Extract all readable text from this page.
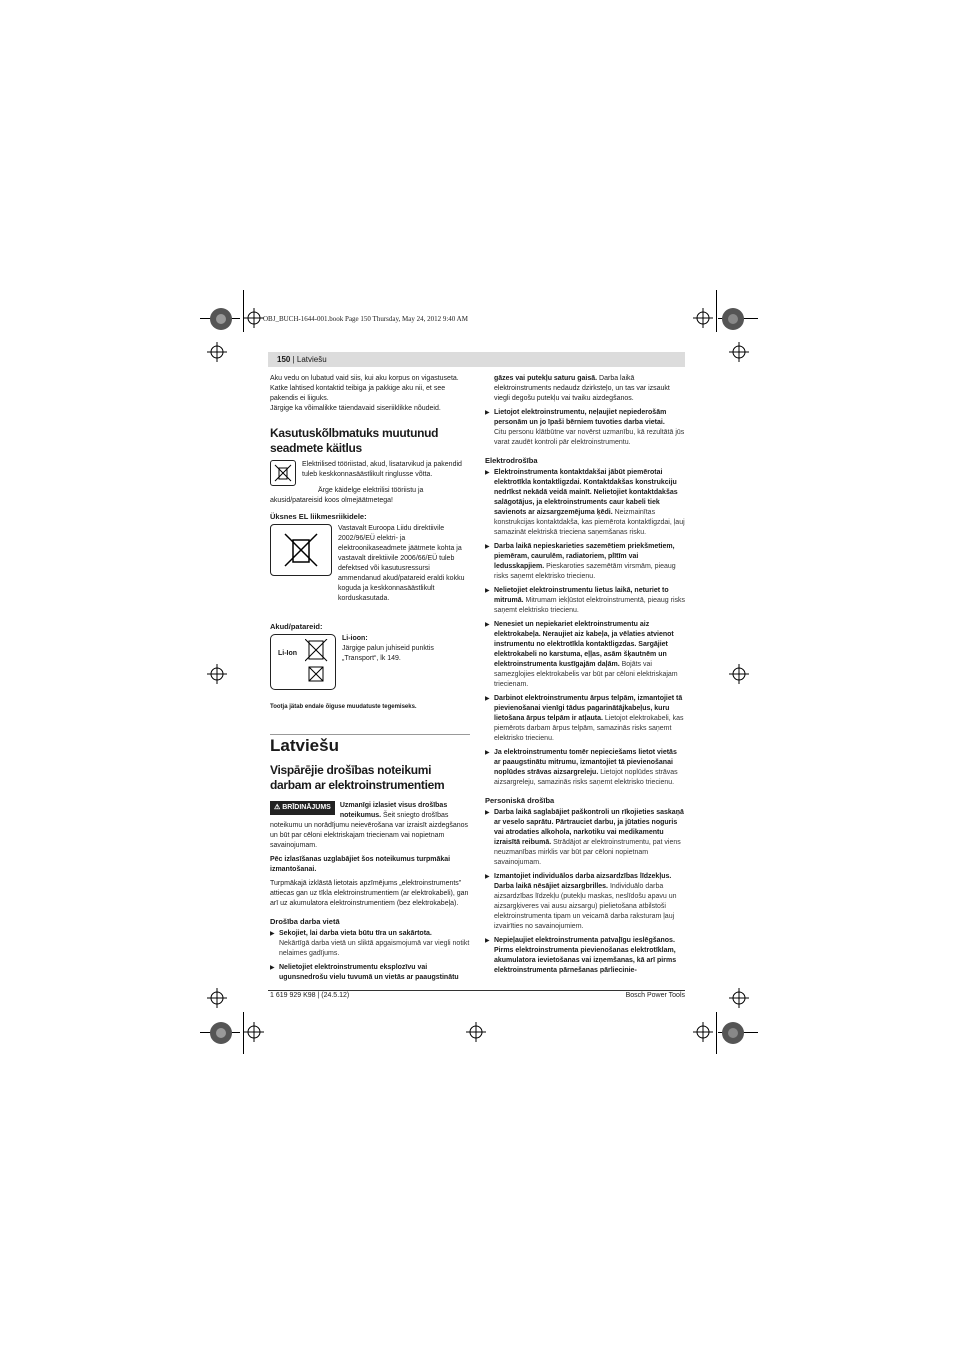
OBJ_BUCH-1644-001.book Page 150 Thursday, May 24, 2012 9:40 AM
150 | Latviešu

Aku vedu on lubatud vaid siis, kui aku korpus on vigastuseta. Katke lahtised kontaktid teibiga ja pakkige aku nii, et see pakendis ei liiguks.

Järgige ka võimalikke täiendavaid siseriiklikke nõudeid.

Kasutuskõlbmatuks muutunud seadmete käitlus

Elektrilised tööriistad, akud, lisatarvikud ja pakendid tuleb keskkonnasäästlikult ringlusse võtta.

Ärge käidelge elektrilisi tööriistu ja akusid/patareisid koos olmejäätmetega!

Üksnes EL liikmesriikidele:

Vastavalt Euroopa Liidu direktiivile 2002/96/EÜ elektri- ja elektroonikaseadmete jäätmete kohta ja vastavalt direktiivile 2006/66/EÜ tuleb defektsed või kasutusressursi ammendanud akud/patareid eraldi kokku koguda ja keskkonnasäästlikult korduskasutada.

Akud/patareid:
Li-Ion

Li-ioon:

Järgige palun juhiseid punktis „Transport“, lk 149.

Tootja jätab endale õiguse muudatuste tegemiseks.

Latviešu
Vispārējie drošības noteikumi darbam ar elektroinstrumentiem
⚠ BRĪDINĀJUMS	Uzmanīgi izlasiet visus drošības noteikumus. Šeit sniegto drošības noteikumu un norādījumu neievērošana var izraisīt aizdegšanos un būt par cēloni elektriskajam triecienam vai nopietnam savainojumam.

Pēc izlasīšanas uzglabājiet šos noteikumus turpmākai izmantošanai.

Turpmākajā izklāstā lietotais apzīmējums „elektroinstruments” attiecas gan uz tīkla elektroinstrumentiem (ar elektrokabeli), gan arī uz akumulatora elektroinstrumentiem (bez elektrokabeļa).

Drošība darba vietā
▶ Sekojiet, lai darba vieta būtu tīra un sakārtota.
Nekārtīgā darba vietā un sliktā apgaismojumā var viegli notikt nelaimes gadījums.
▶ Nelietojiet elektroinstrumentu eksplozīvu vai ugunsnedrošu vielu tuvumā un vietās ar paaugstinātu

gāzes vai putekļu saturu gaisā. Darba laikā elektroinstruments nedaudz dzirksteļo, un tas var izsaukt viegli degošu putekļu vai tvaiku aizdegšanos.

▶ Lietojot elektroinstrumentu, neļaujiet nepiederošām personām un jo īpaši bērniem tuvoties darba vietai.
Citu personu klātbūtne var novērst uzmanību, kā rezultātā jūs varat zaudēt kontroli pār elektroinstrumentu.
Elektrodrošība
▶ Elektroinstrumenta kontaktdakšai jābūt piemērotai elektrotīkla kontaktligzdai. Kontaktdakšas konstrukciju nedrīkst nekādā veidā mainīt. Nelietojiet kontaktdakšas salāgotājus, ja elektroinstruments caur kabeli tiek savienots ar aizsargzemējuma ķēdi. Neizmainītas konstrukcijas kontaktdakša, kas piemērota kontaktligzdai, ļauj samazināt elektriskā trieciena saņemšanas risku.
▶ Darba laikā nepieskarieties sazemētiem priekšmetiem, piemēram, caurulēm, radiatoriem, plītīm vai ledusskapjiem. Pieskaroties sazemētām virsmām, pieaug risks saņemt elektrisko triecienu.
▶ Nelietojiet elektroinstrumentu lietus laikā, neturiet to mitrumā. Mitrumam iekļūstot elektroinstrumentā, pieaug risks saņemt elektrisko triecienu.
▶ Nenesiet un nepiekariet elektroinstrumentu aiz elektrokabeļa. Neraujiet aiz kabeļa, ja vēlaties atvienot instrumentu no elektrotīkla kontaktligzdas. Sargājiet elektrokabeli no karstuma, eļļas, asām šķautnēm un elektroinstrumenta kustīgajām daļām. Bojāts vai samezglojies elektrokabelis var būt par cēloni elektriskajam triecienam.
▶ Darbinot elektroinstrumentu ārpus telpām, izmantojiet tā pievienošanai vienīgi tādus pagarinātājkabeļus, kuru lietošana ārpus telpām ir atļauta. Lietojot elektrokabeli, kas piemērots darbam ārpus telpām, samazinās risks saņemt elektrisko triecienu.
▶ Ja elektroinstrumentu tomēr nepieciešams lietot vietās ar paaugstinātu mitrumu, izmantojiet tā pievienošanai noplūdes strāvas aizsargreleju. Lietojot noplūdes strāvas aizsargreleju, samazinās risks saņemt elektrisko triecienu.
Personiskā drošība
▶ Darba laikā saglabājiet paškontroli un rīkojieties saskaņā ar veselo saprātu. Pārtrauciet darbu, ja jūtaties noguris vai atrodaties alkohola, narkotiku vai medikamentu izraisītā reibumā. Strādājot ar elektroinstrumentu, pat viens neuzmanības mirklis var būt par cēloni nopietnam savainojumam.
▶ Izmantojiet individuālos darba aizsardzības līdzekļus. Darba laikā nēsājiet aizsargbrilles. Individuālo darba aizsardzības līdzekļu (putekļu maskas, neslīdošu apavu un aizsargķiveres vai ausu aizsargu) pielietošana atbilstoši elektroinstrumenta tipam un veicamā darba raksturam ļauj izvairīties no savainojumiem.
▶ Nepieļaujiet elektroinstrumenta patvaļīgu ieslēgšanos. Pirms elektroinstrumenta pievienošanas elektrotīklam, akumulatora ievietošanas vai izņemšanas, kā arī pirms elektroinstrumenta pārnešanas pārliecinie-
1 619 929 K98 | (24.5.12)	Bosch Power Tools
